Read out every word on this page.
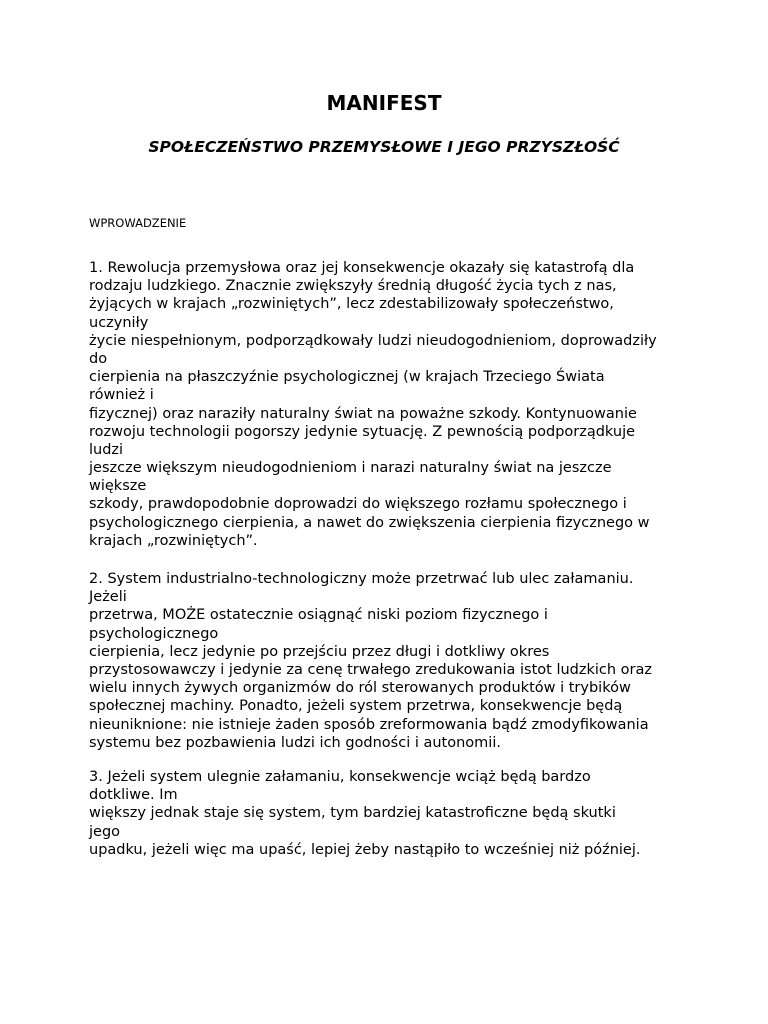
MANIFEST
SPOŁECZEŃSTWO PRZEMYSŁOWE I JEGO PRZYSZŁOŚĆ

WPROWADZENIE

1. Rewolucja przemysłowa oraz jej konsekwencje okazały się katastrofą dla
rodzaju ludzkiego. Znacznie zwiększyły średnią długość życia tych z nas,
żyjących w krajach „rozwiniętych”, lecz zdestabilizowały społeczeństwo,
uczyniły
życie niespełnionym, podporządkowały ludzi nieudogodnieniom, doprowadziły
do
cierpienia na płaszczyźnie psychologicznej (w krajach Trzeciego Świata
również i
fizycznej) oraz naraziły naturalny świat na poważne szkody. Kontynuowanie
rozwoju technologii pogorszy jedynie sytuację. Z pewnością podporządkuje
ludzi
jeszcze większym nieudogodnieniom i narazi naturalny świat na jeszcze
większe
szkody, prawdopodobnie doprowadzi do większego rozłamu społecznego i
psychologicznego cierpienia, a nawet do zwiększenia cierpienia fizycznego w
krajach „rozwiniętych”.
2. System industrialno-technologiczny może przetrwać lub ulec załamaniu.
Jeżeli
przetrwa, MOŻE ostatecznie osiągnąć niski poziom fizycznego i
psychologicznego
cierpienia, lecz jedynie po przejściu przez długi i dotkliwy okres
przystosowawczy i jedynie za cenę trwałego zredukowania istot ludzkich oraz
wielu innych żywych organizmów do ról sterowanych produktów i trybików
społecznej machiny. Ponadto, jeżeli system przetrwa, konsekwencje będą
nieuniknione: nie istnieje żaden sposób zreformowania bądź zmodyfikowania
systemu bez pozbawienia ludzi ich godności i autonomii.
3. Jeżeli system ulegnie załamaniu, konsekwencje wciąż będą bardzo
dotkliwe. Im
większy jednak staje się system, tym bardziej katastroficzne będą skutki
jego
upadku, jeżeli więc ma upaść, lepiej żeby nastąpiło to wcześniej niż później.
